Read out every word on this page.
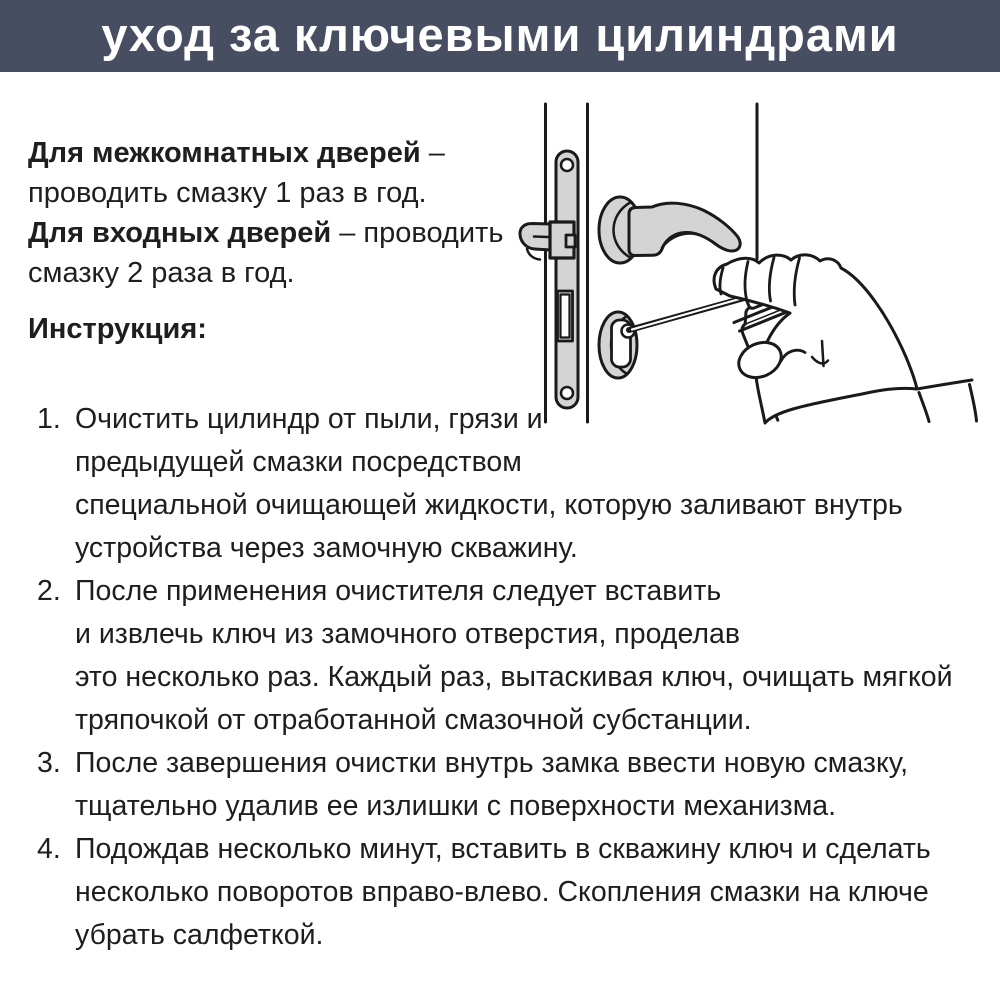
уход за ключевыми цилиндрами
Для межкомнатных дверей –
проводить смазку 1 раз в год.
Для входных дверей – проводить
смазку 2 раза в год.
Инструкция:
1. Очистить цилиндр от пыли, грязи и
предыдущей смазки посредством
специальной очищающей жидкости, которую заливают внутрь
устройства через замочную скважину.
2. После применения очистителя следует вставить
и извлечь ключ из замочного отверстия, проделав
это несколько раз. Каждый раз, вытаскивая ключ, очищать мягкой
тряпочкой от отработанной смазочной субстанции.
3. После завершения очистки внутрь замка ввести новую смазку,
тщательно удалив ее излишки с поверхности механизма.
4. Подождав несколько минут, вставить в скважину ключ и сделать
несколько поворотов вправо-влево. Скопления смазки на ключе
убрать салфеткой.
